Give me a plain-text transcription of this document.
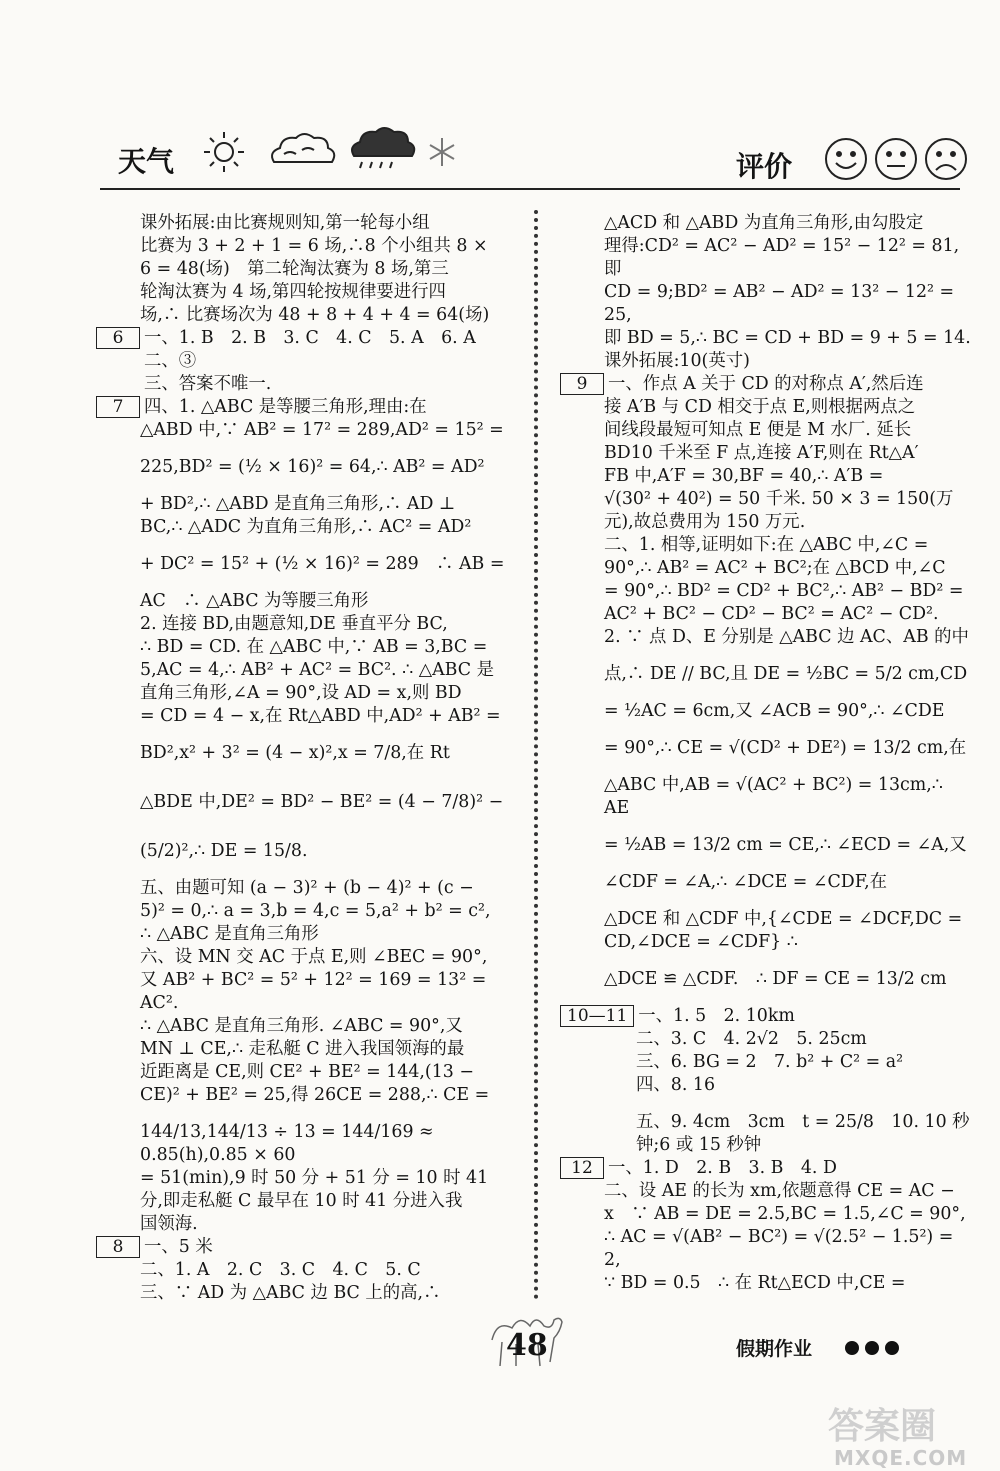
天气	评价

课外拓展:由比赛规则知,第一轮每小组

比赛为 3 + 2 + 1 = 6 场,∴8 个小组共 8 ×

6 = 48(场)　第二轮淘汰赛为 8 场,第三

轮淘汰赛为 4 场,第四轮按规律要进行四

场,∴ 比赛场次为 48 + 8 + 4 + 4 = 64(场)

6	一、1. B　2. B　3. C　4. C　5. A　6. A

二、③

三、答案不唯一.

7	四、1. △ABC 是等腰三角形,理由:在

△ABD 中,∵ AB² = 17² = 289,AD² = 15² =

225,BD² = (½ × 16)² = 64,∴ AB² = AD²

+ BD²,∴ △ABD 是直角三角形,∴ AD ⊥

BC,∴ △ADC 为直角三角形,∴ AC² = AD²

+ DC² = 15² + (½ × 16)² = 289　∴ AB =

AC　∴ △ABC 为等腰三角形

2. 连接 BD,由题意知,DE 垂直平分 BC,

∴ BD = CD. 在 △ABC 中,∵ AB = 3,BC =

5,AC = 4,∴ AB² + AC² = BC². ∴ △ABC 是

直角三角形,∠A = 90°,设 AD = x,则 BD

= CD = 4 − x,在 Rt△ABD 中,AD² + AB² =

BD²,x² + 3² = (4 − x)²,x = 7/8,在 Rt

△BDE 中,DE² = BD² − BE² = (4 − 7/8)² −

(5/2)²,∴ DE = 15/8.

五、由题可知 (a − 3)² + (b − 4)² + (c −

5)² = 0,∴ a = 3,b = 4,c = 5,a² + b² = c²,

∴ △ABC 是直角三角形

六、设 MN 交 AC 于点 E,则 ∠BEC = 90°,

又 AB² + BC² = 5² + 12² = 169 = 13² = AC².

∴ △ABC 是直角三角形. ∠ABC = 90°,又

MN ⊥ CE,∴ 走私艇 C 进入我国领海的最

近距离是 CE,则 CE² + BE² = 144,(13 −

CE)² + BE² = 25,得 26CE = 288,∴ CE =

144/13,144/13 ÷ 13 = 144/169 ≈ 0.85(h),0.85 × 60

= 51(min),9 时 50 分 + 51 分 = 10 时 41

分,即走私艇 C 最早在 10 时 41 分进入我

国领海.

8	一、5 米

二、1. A　2. C　3. C　4. C　5. C

三、∵ AD 为 △ABC 边 BC 上的高,∴

△ACD 和 △ABD 为直角三角形,由勾股定

理得:CD² = AC² − AD² = 15² − 12² = 81,即

CD = 9;BD² = AB² − AD² = 13² − 12² = 25,

即 BD = 5,∴ BC = CD + BD = 9 + 5 = 14.

课外拓展:10(英寸)

9	一、作点 A 关于 CD 的对称点 A′,然后连

接 A′B 与 CD 相交于点 E,则根据两点之

间线段最短可知点 E 便是 M 水厂. 延长

BD10 千米至 F 点,连接 A′F,则在 Rt△A′

FB 中,A′F = 30,BF = 40,∴ A′B =

√(30² + 40²) = 50 千米. 50 × 3 = 150(万

元),故总费用为 150 万元.

二、1. 相等,证明如下:在 △ABC 中,∠C =

90°,∴ AB² = AC² + BC²;在 △BCD 中,∠C

= 90°,∴ BD² = CD² + BC²,∴ AB² − BD² =

AC² + BC² − CD² − BC² = AC² − CD².

2. ∵ 点 D、E 分别是 △ABC 边 AC、AB 的中

点,∴ DE // BC,且 DE = ½BC = 5/2 cm,CD

= ½AC = 6cm,又 ∠ACB = 90°,∴ ∠CDE

= 90°,∴ CE = √(CD² + DE²) = 13/2 cm,在

△ABC 中,AB = √(AC² + BC²) = 13cm,∴ AE

= ½AB = 13/2 cm = CE,∴ ∠ECD = ∠A,又

∠CDF = ∠A,∴ ∠DCE = ∠CDF,在

△DCE 和 △CDF 中,{∠CDE = ∠DCF,DC = CD,∠DCE = ∠CDF} ∴

△DCE ≌ △CDF.　∴ DF = CE = 13/2 cm

10—11 一、1. 5　2. 10km

二、3. C　4. 2√2　5. 25cm

三、6. BG = 2　7. b² + C² = a²

四、8. 16

五、9. 4cm　3cm　t = 25/8　10. 10 秒

钟;6 或 15 秒钟

12 一、1. D　2. B　3. B　4. D

二、设 AE 的长为 xm,依题意得 CE = AC −

x　∵ AB = DE = 2.5,BC = 1.5,∠C = 90°,

∴ AC = √(AB² − BC²) = √(2.5² − 1.5²) = 2,

∵ BD = 0.5　∴ 在 Rt△ECD 中,CE =

48	假期作业
答案圈
MXQE.COM
